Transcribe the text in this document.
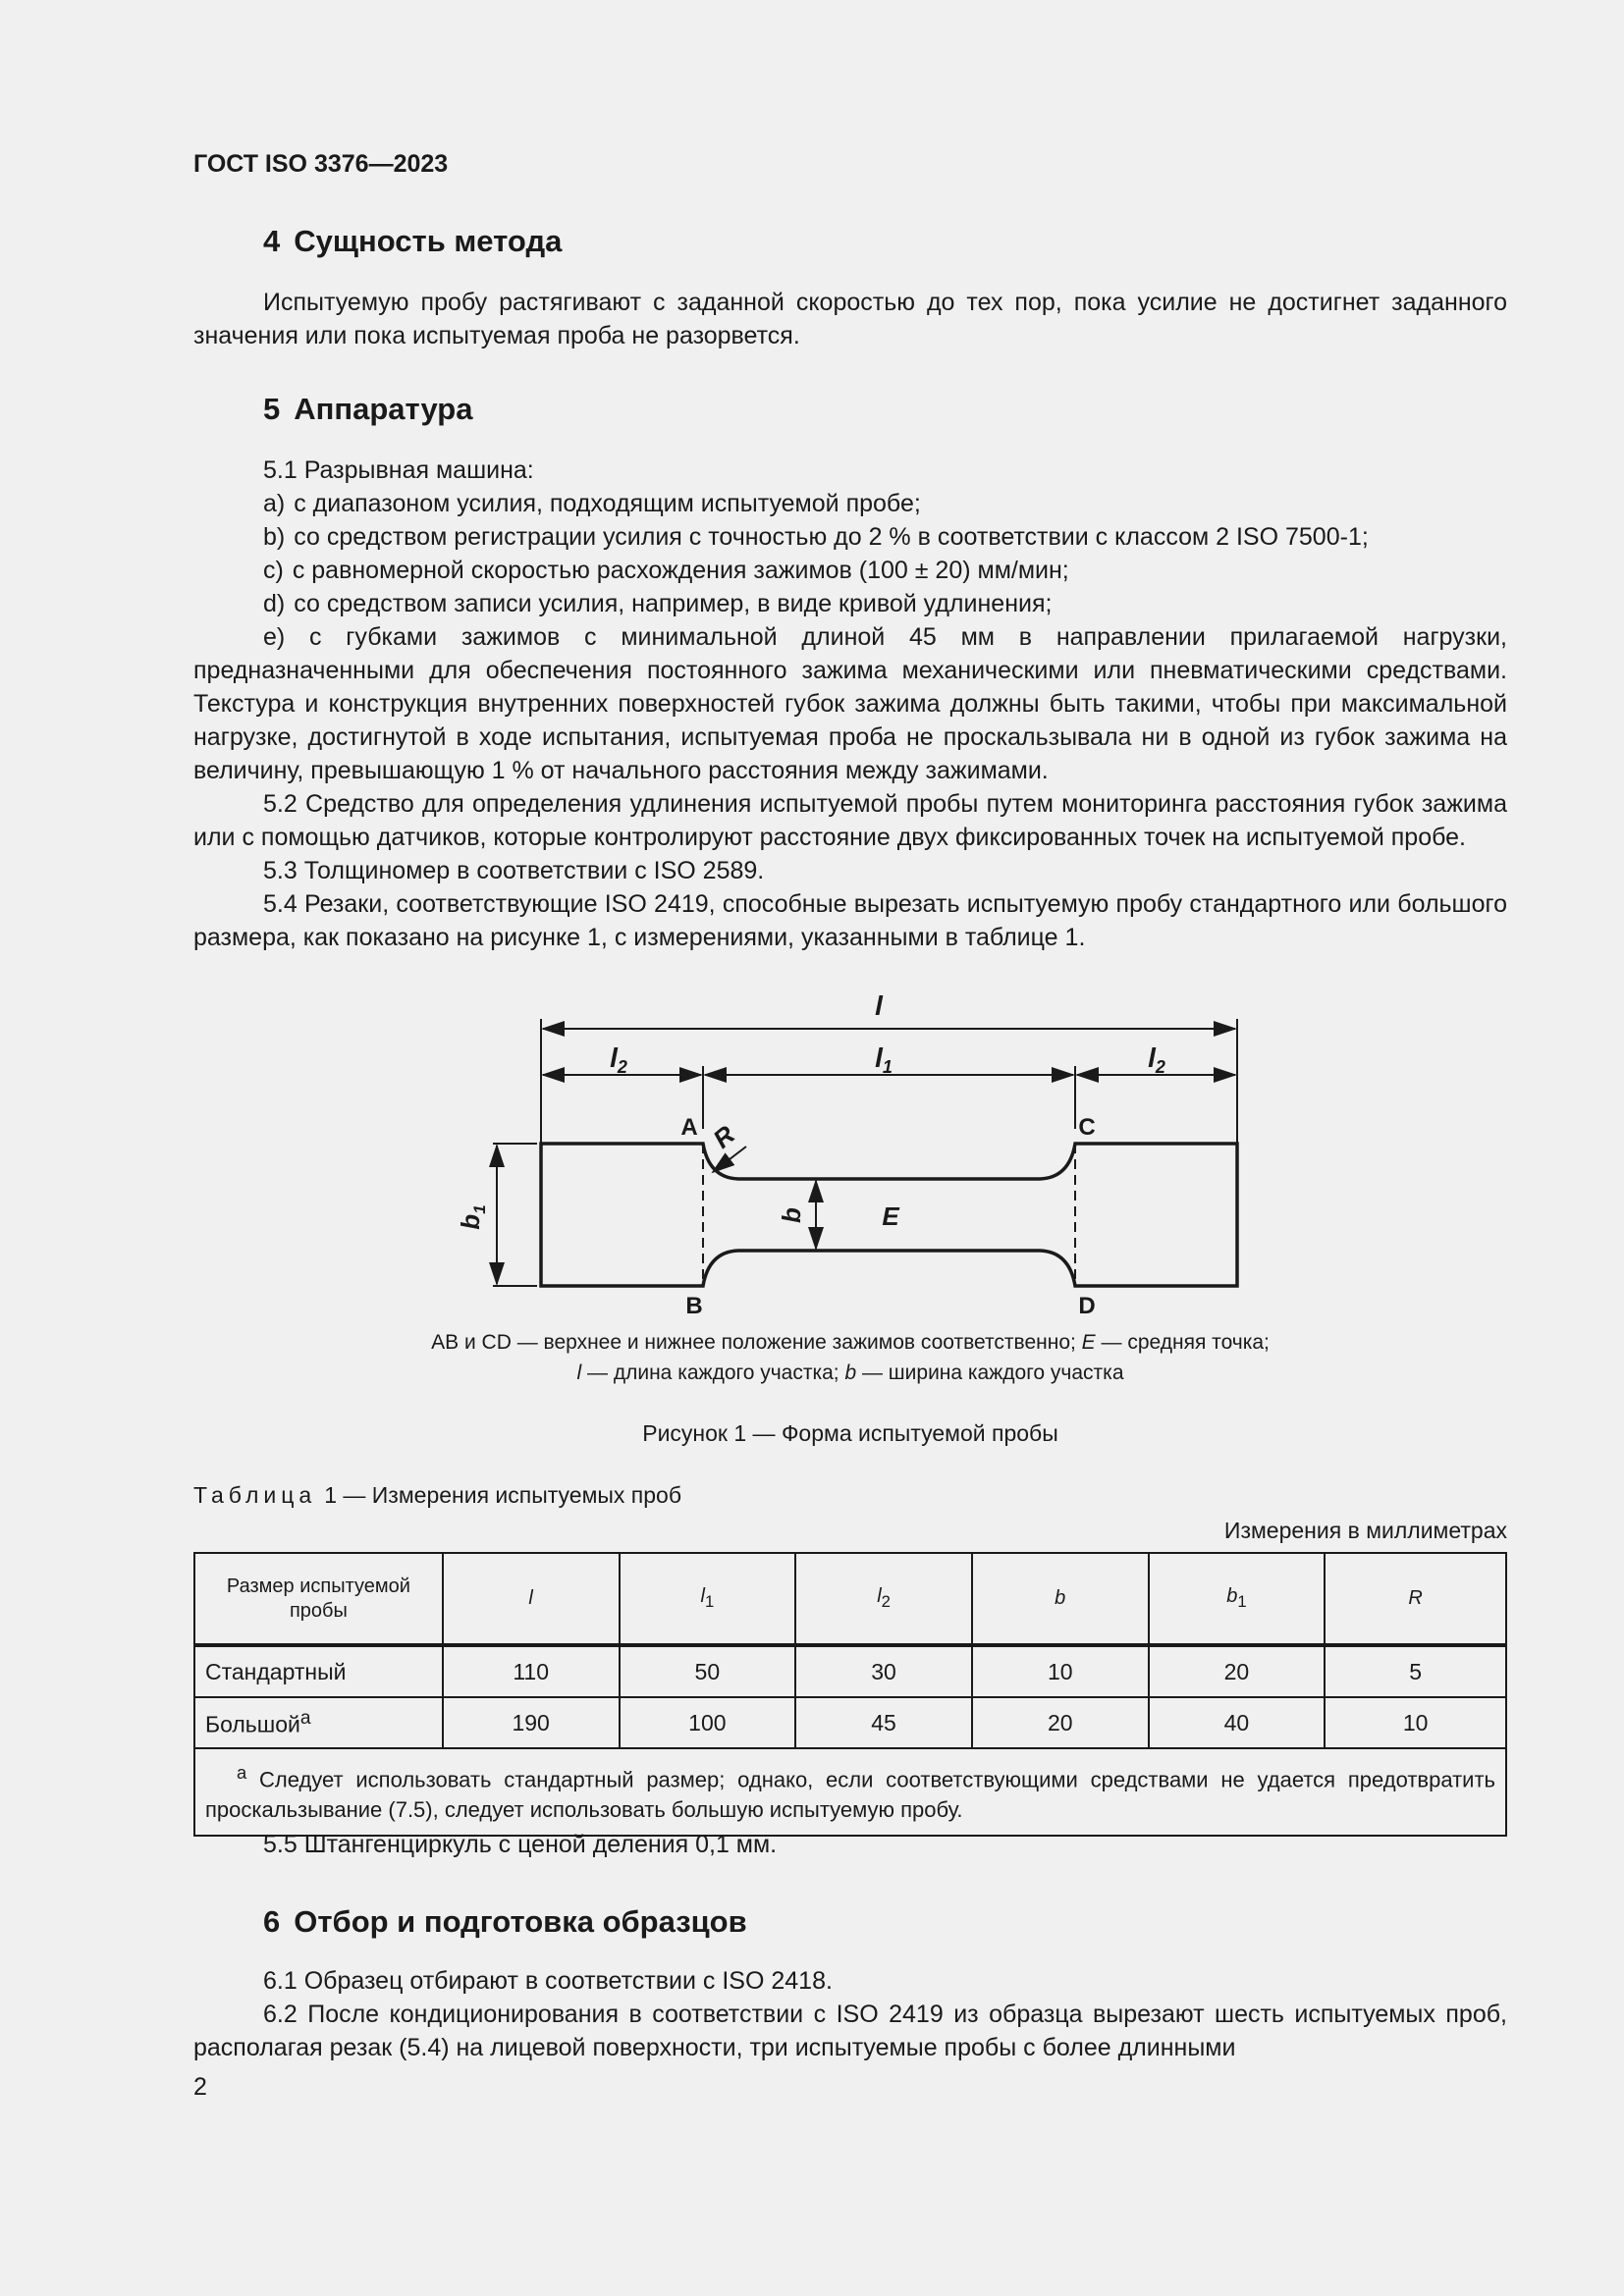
ГОСТ ISO 3376—2023
4 Сущность метода

Испытуемую пробу растягивают с заданной скоростью до тех пор, пока усилие не достигнет заданного значения или пока испытуемая проба не разорвется.

5 Аппаратура

5.1 Разрывная машина:

a) с диапазоном усилия, подходящим испытуемой пробе;

b) со средством регистрации усилия с точностью до 2 % в соответствии с классом 2 ISO 7500-1;

c) с равномерной скоростью расхождения зажимов (100 ± 20) мм/мин;

d) со средством записи усилия, например, в виде кривой удлинения;

e) с губками зажимов с минимальной длиной 45 мм в направлении прилагаемой нагрузки, предназначенными для обеспечения постоянного зажима механическими или пневматическими средствами. Текстура и конструкция внутренних поверхностей губок зажима должны быть такими, чтобы при максимальной нагрузке, достигнутой в ходе испытания, испытуемая проба не проскальзывала ни в одной из губок зажима на величину, превышающую 1 % от начального расстояния между зажимами.

5.2 Средство для определения удлинения испытуемой пробы путем мониторинга расстояния губок зажима или с помощью датчиков, которые контролируют расстояние двух фиксированных точек на испытуемой пробе.

5.3 Толщиномер в соответствии с ISO 2589.

5.4 Резаки, соответствующие ISO 2419, способные вырезать испытуемую пробу стандартного или большого размера, как показано на рисунке 1, с измерениями, указанными в таблице 1.

l
$l_2$	$l_1$	$l_2$
A
B
C
D
E
R
b
$b_1$
AB и CD — верхнее и нижнее положение зажимов соответственно; E — средняя точка;
l — длина каждого участка; b — ширина каждого участка
Рисунок 1 — Форма испытуемой пробы
Таблица 1 — Измерения испытуемых проб
Измерения в миллиметрах
Размер испытуемой пробы	l	$l_1$	$l_2$	b	$b_1$	R
Стандартный	110	50	30	10	20	5
Большой$^a$	190	100	45	20	40	10
$^a$ Следует использовать стандартный размер; однако, если соответствующими средствами не удается предотвратить проскальзывание (7.5), следует использовать большую испытуемую пробу.						

5.5 Штангенциркуль с ценой деления 0,1 мм.

6 Отбор и подготовка образцов

6.1 Образец отбирают в соответствии с ISO 2418.

6.2 После кондиционирования в соответствии с ISO 2419 из образца вырезают шесть испытуемых проб, располагая резак (5.4) на лицевой поверхности, три испытуемые пробы с более длинными

2
